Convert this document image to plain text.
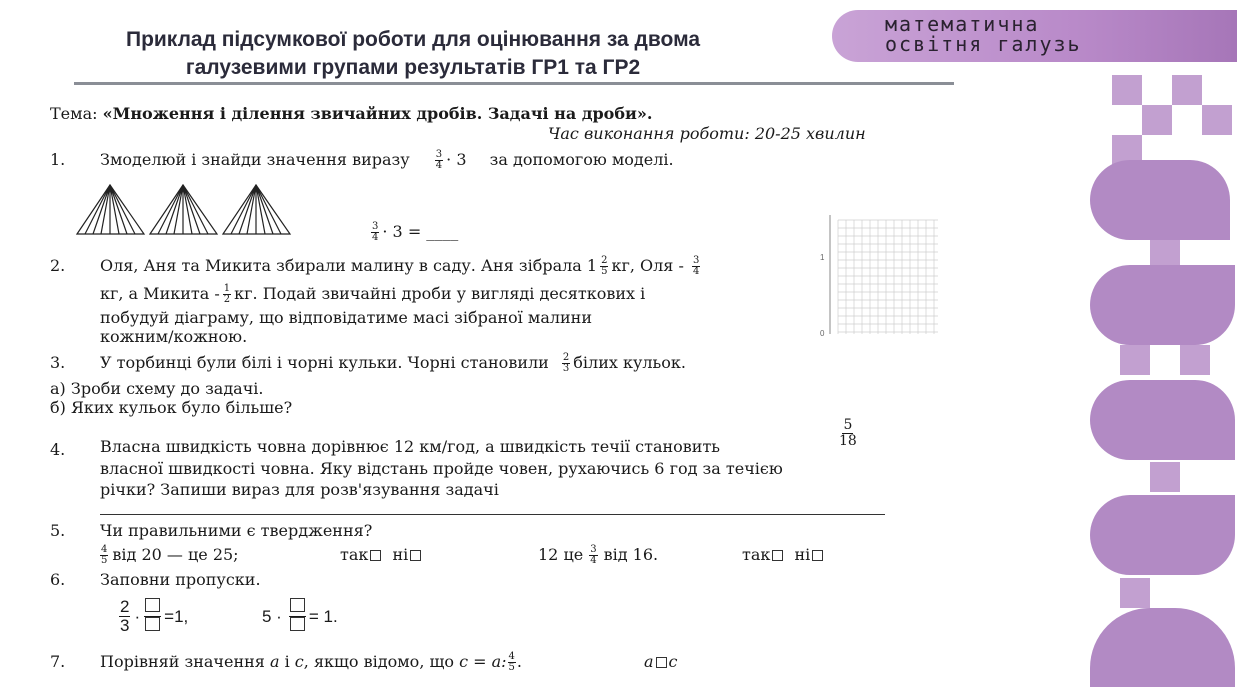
Приклад підсумкової роботи для оцінювання за двома
галузевими групами результатів ГР1 та ГР2
математична
освітня галузь
Тема: «Множення і ділення звичайних дробів. Задачі на дроби».
Час виконання роботи: 20-25 хвилин
1. Змоделюй і знайди значення виразу	$\frac{3}{4} \cdot 3$ за допомогою моделі.
$\frac{3}{4} \cdot 3$ = ____
1
0
2. Оля, Аня та Микита збирали малину в саду. Аня зібрала $1 \frac{2}{5}$ кг, Оля - $\frac{3}{4}$
кг, а Микита - $\frac{1}{2}$ кг. Подай звичайні дроби у вигляді десяткових і
побудуй діаграму, що відповідатиме масі зібраної малини
кожним/кожною.
3. У торбинці були білі і чорні кульки. Чорні становили $\frac{2}{3}$ білих кульок.
а) Зроби схему до задачі.
б) Яких кульок було більше?
4. Власна швидкість човна дорівнює 12 км/год, а швидкість течії становить	$\frac{5}{18}$
власної швидкості човна. Яку відстань пройде човен, рухаючись 6 год за течією
річки? Запиши вираз для розв'язування задачі
5. Чи правильними є твердження?
$\frac{4}{5}$ від 20 — це 25;	так ні	12 це $\frac{3}{4}$ від 16.	так ні
6. Заповни пропуски.
$\frac{2}{3} \cdot =1$,	5 · = 1.
7. Порівняй значення a і c, якщо відомо, що c = a: $\frac{4}{5}$ .	a c
